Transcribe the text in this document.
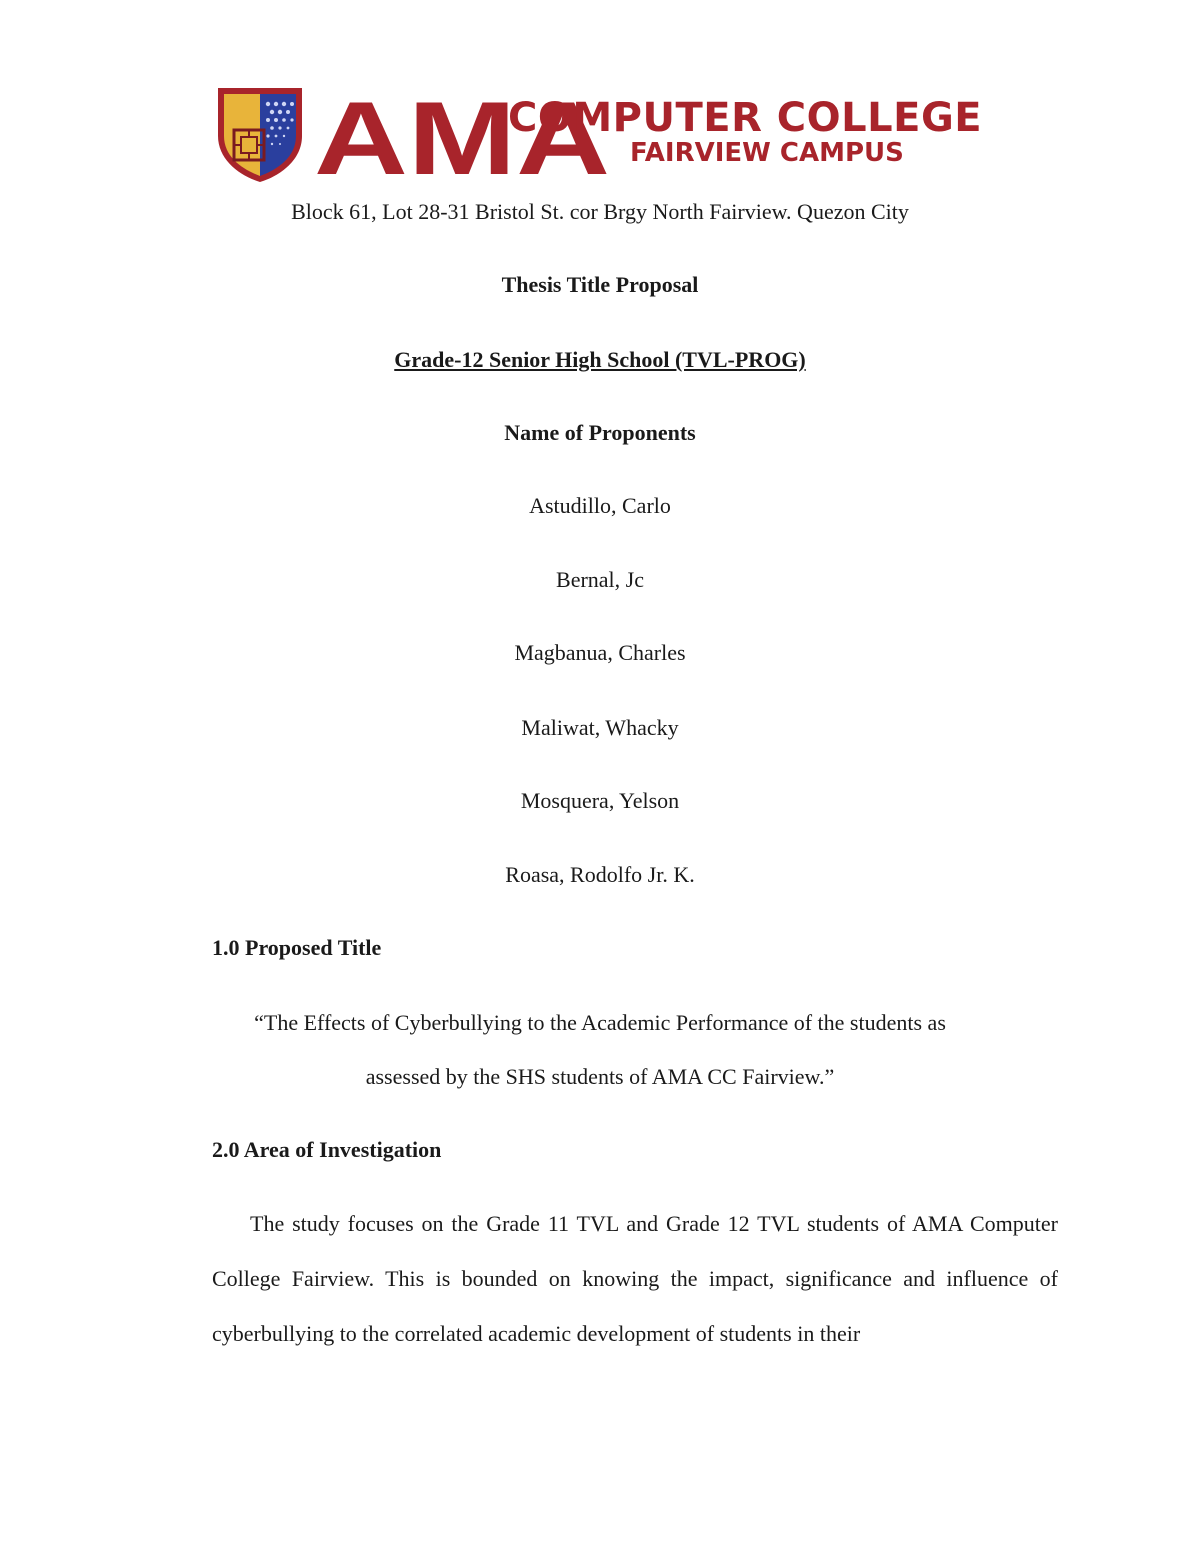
AMA
COMPUTER COLLEGE
FAIRVIEW CAMPUS
Block 61, Lot 28-31 Bristol St. cor Brgy North Fairview. Quezon City
Thesis Title Proposal
Grade-12 Senior High School (TVL-PROG)
Name of Proponents
Astudillo, Carlo
Bernal, Jc
Magbanua, Charles
Maliwat, Whacky
Mosquera, Yelson
Roasa, Rodolfo Jr. K.
1.0 Proposed Title
“The Effects of Cyberbullying to the Academic Performance of the students as
assessed by the SHS students of AMA CC Fairview.”
2.0 Area of Investigation
The study focuses on the Grade 11 TVL and Grade 12 TVL students of AMA Computer College Fairview. This is bounded on knowing the impact, significance and influence of cyberbullying to the correlated academic development of students in their
